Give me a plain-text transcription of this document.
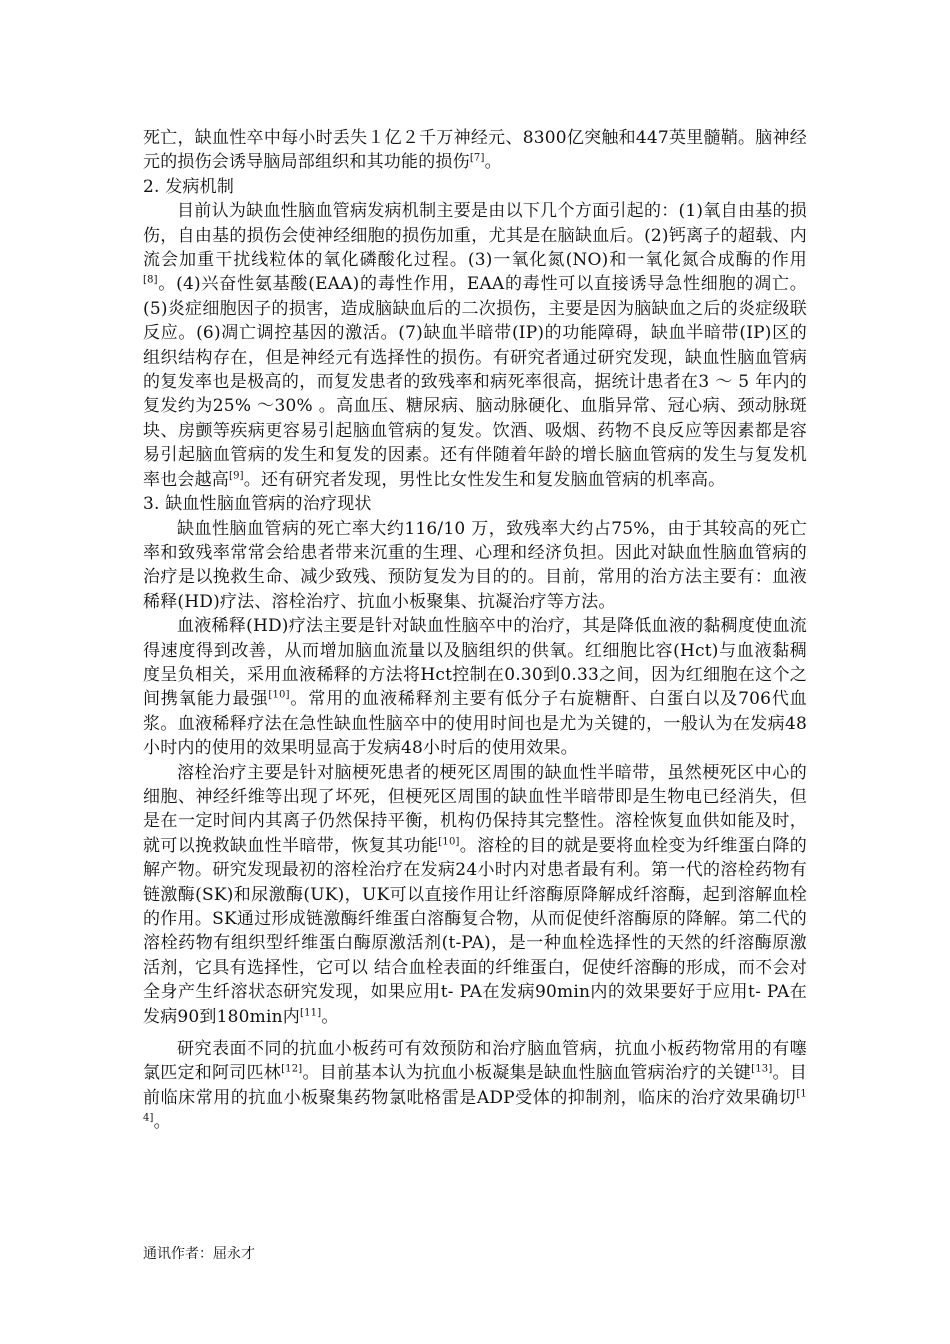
死亡，缺血性卒中每小时丢失１亿２千万神经元、8300亿突触和447英里髓鞘。脑神经元的损伤会诱导脑局部组织和其功能的损伤[7]。

2. 发病机制

目前认为缺血性脑血管病发病机制主要是由以下几个方面引起的：(1)氧自由基的损伤，自由基的损伤会使神经细胞的损伤加重，尤其是在脑缺血后。(2)钙离子的超载、内流会加重干扰线粒体的氧化磷酸化过程。(3)一氧化氮(NO)和一氧化氮合成酶的作用[8]。(4)兴奋性氨基酸(EAA)的毒性作用，EAA的毒性可以直接诱导急性细胞的凋亡。(5)炎症细胞因子的损害，造成脑缺血后的二次损伤，主要是因为脑缺血之后的炎症级联反应。(6)凋亡调控基因的激活。(7)缺血半暗带(IP)的功能障碍，缺血半暗带(IP)区的组织结构存在，但是神经元有选择性的损伤。有研究者通过研究发现，缺血性脑血管病的复发率也是极高的，而复发患者的致残率和病死率很高，据统计患者在3 ～ 5 年内的复发约为25% ～30% 。高血压、糖尿病、脑动脉硬化、血脂异常、冠心病、颈动脉斑块、房颤等疾病更容易引起脑血管病的复发。饮酒、吸烟、药物不良反应等因素都是容易引起脑血管病的发生和复发的因素。还有伴随着年龄的增长脑血管病的发生与复发机率也会越高[9]。还有研究者发现，男性比女性发生和复发脑血管病的机率高。

3. 缺血性脑血管病的治疗现状

缺血性脑血管病的死亡率大约116/10 万，致残率大约占75%，由于其较高的死亡率和致残率常常会给患者带来沉重的生理、心理和经济负担。因此对缺血性脑血管病的治疗是以挽救生命、减少致残、预防复发为目的的。目前，常用的治方法主要有：血液稀释(HD)疗法、溶栓治疗、抗血小板聚集、抗凝治疗等方法。

血液稀释(HD)疗法主要是针对缺血性脑卒中的治疗，其是降低血液的黏稠度使血流得速度得到改善，从而增加脑血流量以及脑组织的供氧。红细胞比容(Hct)与血液黏稠度呈负相关，采用血液稀释的方法将Hct控制在0.30到0.33之间，因为红细胞在这个之间携氧能力最强[10]。常用的血液稀释剂主要有低分子右旋糖酐、白蛋白以及706代血浆。血液稀释疗法在急性缺血性脑卒中的使用时间也是尤为关键的，一般认为在发病48小时内的使用的效果明显高于发病48小时后的使用效果。

溶栓治疗主要是针对脑梗死患者的梗死区周围的缺血性半暗带，虽然梗死区中心的细胞、神经纤维等出现了坏死，但梗死区周围的缺血性半暗带即是生物电已经消失，但是在一定时间内其离子仍然保持平衡，机构仍保持其完整性。溶栓恢复血供如能及时，就可以挽救缺血性半暗带，恢复其功能[10]。溶栓的目的就是要将血栓变为纤维蛋白降的解产物。研究发现最初的溶栓治疗在发病24小时内对患者最有利。第一代的溶栓药物有链激酶(SK)和尿激酶(UK)，UK可以直接作用让纤溶酶原降解成纤溶酶，起到溶解血栓的作用。SK通过形成链激酶纤维蛋白溶酶复合物，从而促使纤溶酶原的降解。第二代的溶栓药物有组织型纤维蛋白酶原激活剂(t-PA)，是一种血栓选择性的天然的纤溶酶原激活剂，它具有选择性，它可以 结合血栓表面的纤维蛋白，促使纤溶酶的形成，而不会对全身产生纤溶状态研究发现，如果应用t- PA在发病90min内的效果要好于应用t- PA在发病90到180min内[11]。

研究表面不同的抗血小板药可有效预防和治疗脑血管病，抗血小板药物常用的有噻氯匹定和阿司匹林[12]。目前基本认为抗血小板凝集是缺血性脑血管病治疗的关键[13]。目前临床常用的抗血小板聚集药物氯吡格雷是ADP受体的抑制剂，临床的治疗效果确切[14]。

通讯作者：屈永才
